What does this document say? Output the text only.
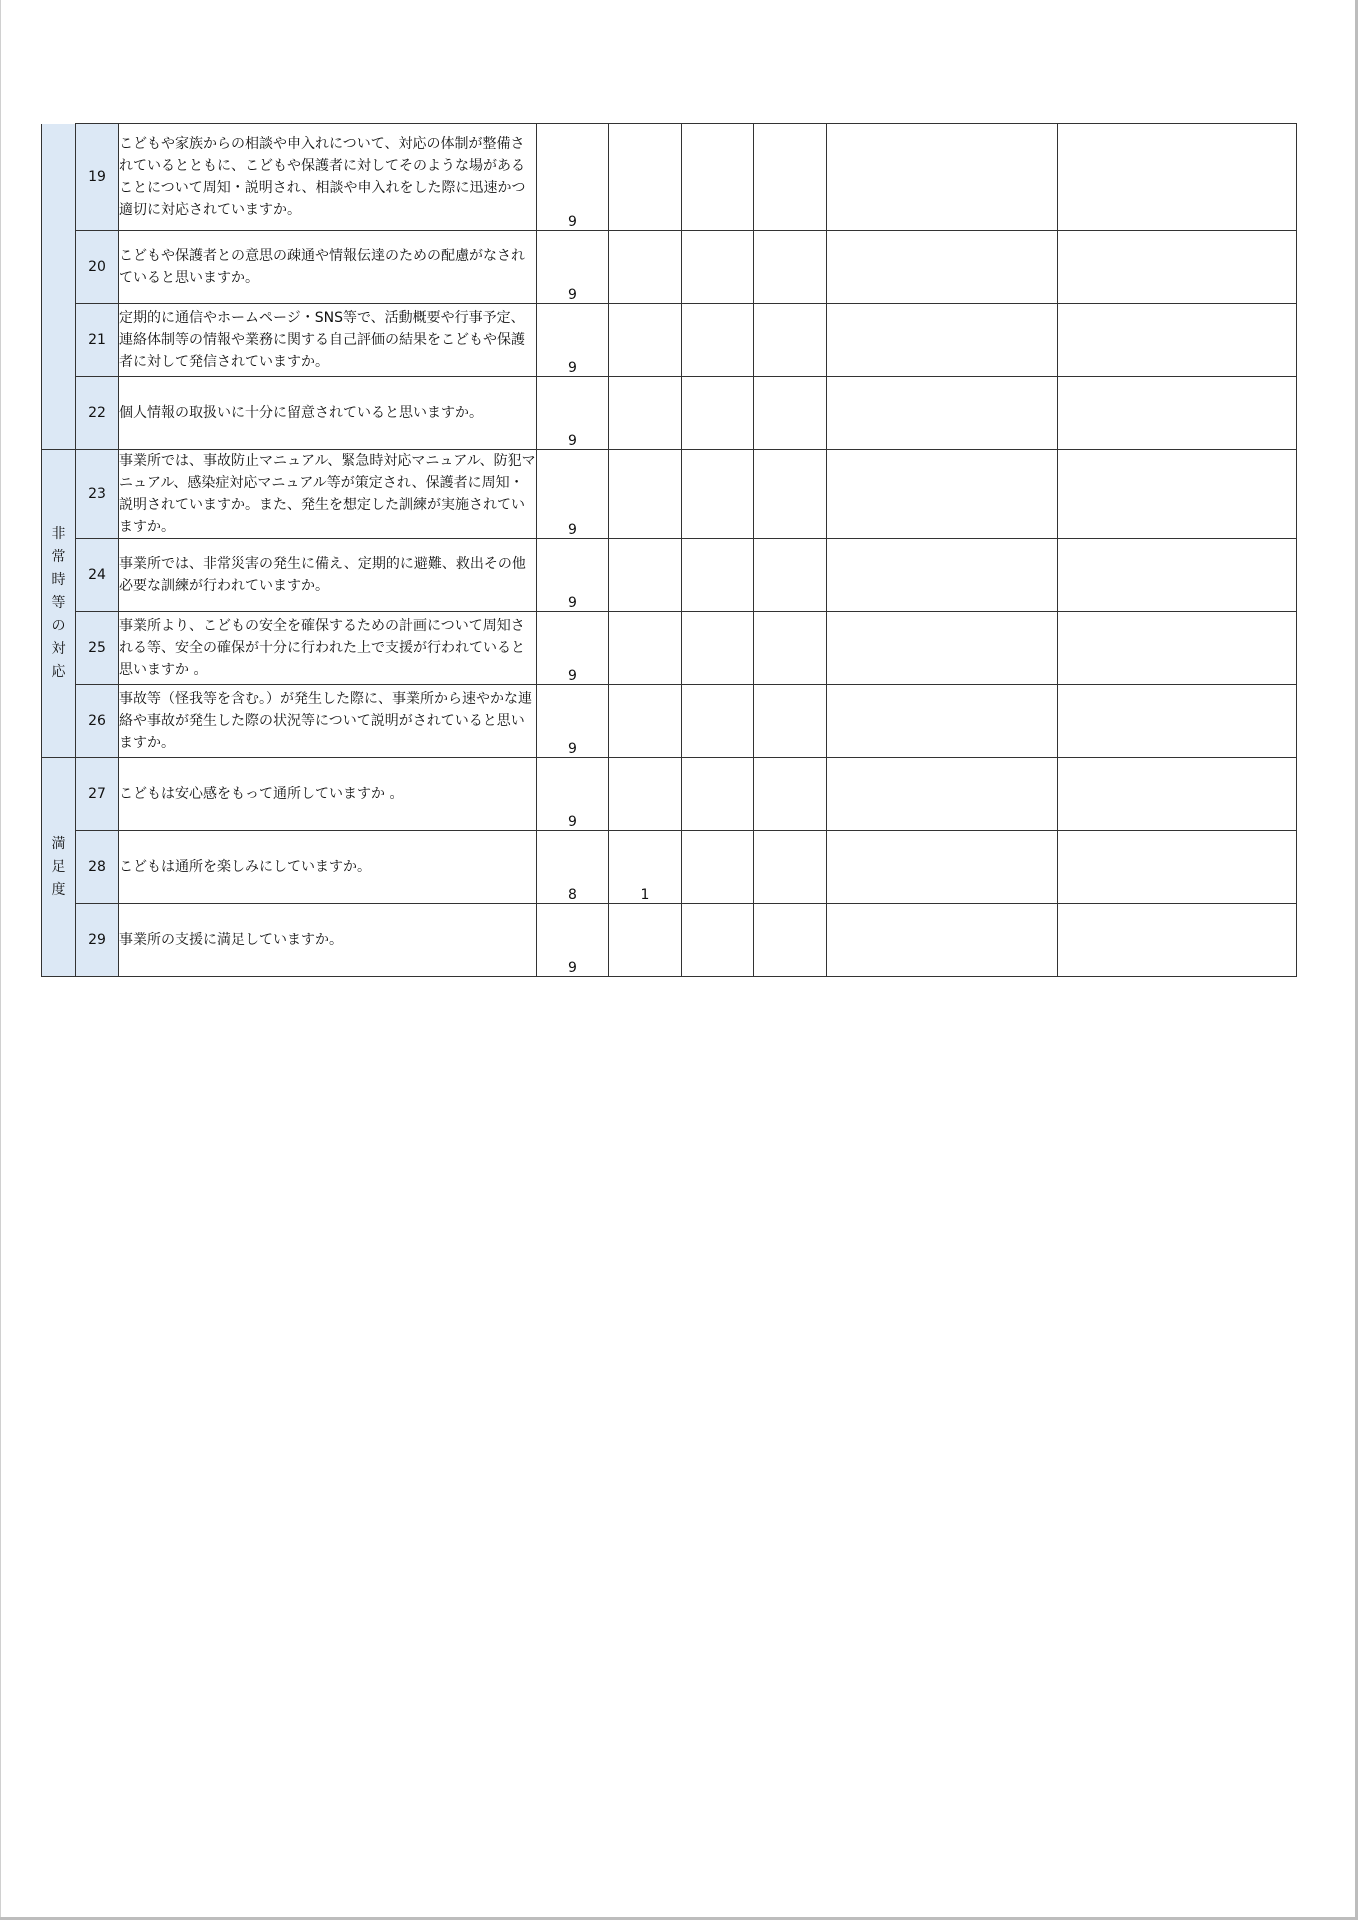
	19	こどもや家族からの相談や申入れについて、対応の体制が整備されているとともに、こどもや保護者に対してそのような場があることについて周知・説明され、相談や申入れをした際に迅速かつ適切に対応されていますか。	9					
	20	こどもや保護者との意思の疎通や情報伝達のための配慮がなされていると思いますか。	9					
	21	定期的に通信やホームページ・SNS等で、活動概要や行事予定、連絡体制等の情報や業務に関する自己評価の結果をこどもや保護者に対して発信されていますか。	9					
	22	個人情報の取扱いに十分に留意されていると思いますか。	9					
非常時等の対応	23	事業所では、事故防止マニュアル、緊急時対応マニュアル、防犯マニュアル、感染症対応マニュアル等が策定され、保護者に周知・説明されていますか。また、発生を想定した訓練が実施されていますか。	9					
	24	事業所では、非常災害の発生に備え、定期的に避難、救出その他必要な訓練が行われていますか。	9					
	25	事業所より、こどもの安全を確保するための計画について周知される等、安全の確保が十分に行われた上で支援が行われていると思いますか 。	9					
	26	事故等（怪我等を含む。）が発生した際に、事業所から速やかな連絡や事故が発生した際の状況等について説明がされていると思いますか。	9					
満足度	27	こどもは安心感をもって通所していますか 。	9					
	28	こどもは通所を楽しみにしていますか。	8	1				
	29	事業所の支援に満足していますか。	9					
